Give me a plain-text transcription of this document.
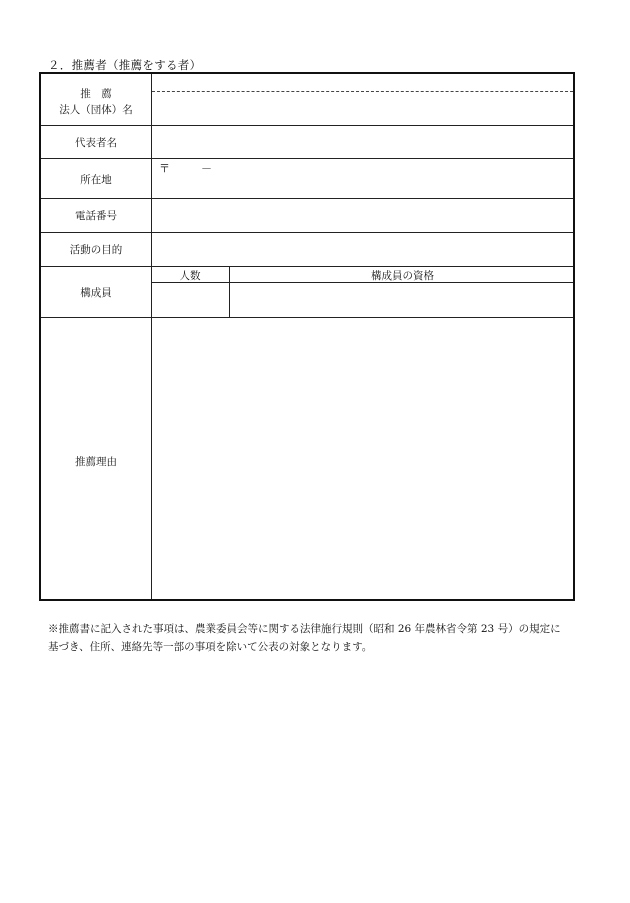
２．推薦者（推薦をする者）
推　薦
法人（団体）名
代表者名
〒	－
所在地
電話番号
活動の目的
構成員
人数	構成員の資格
推薦理由
※推薦書に記入された事項は、農業委員会等に関する法律施行規則（昭和 26 年農林省令第 23 号）の規定に
基づき、住所、連絡先等一部の事項を除いて公表の対象となります。
